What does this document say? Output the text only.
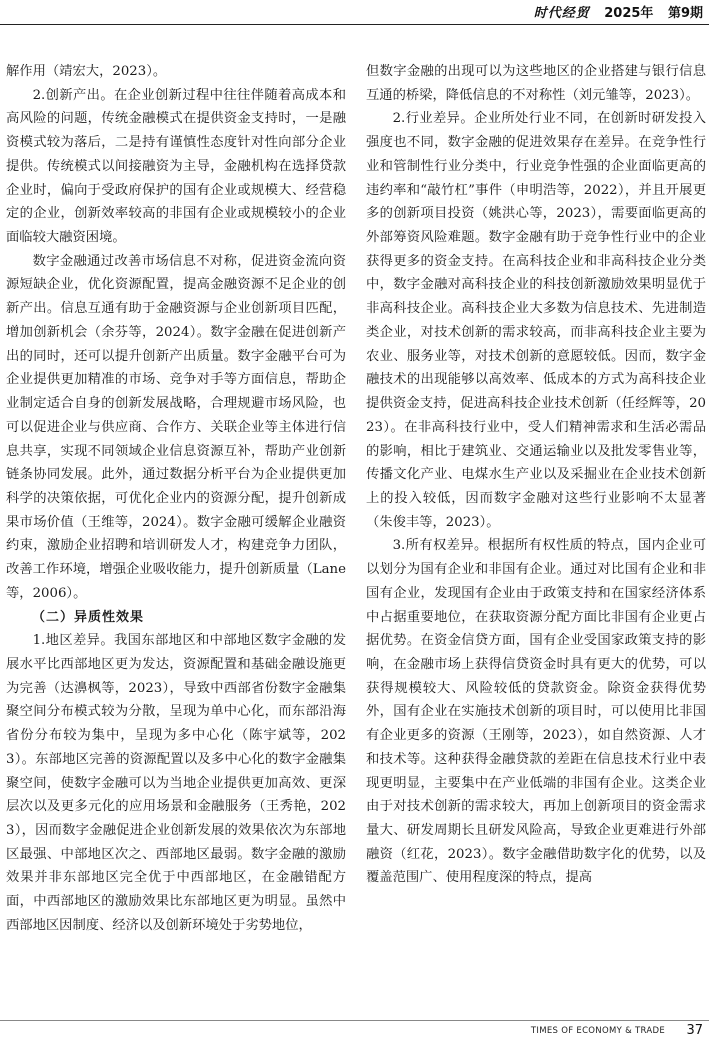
时代经贸 2025年 第9期

解作用（靖宏大，2023）。

2.创新产出。在企业创新过程中往往伴随着高成本和高风险的问题，传统金融模式在提供资金支持时，一是融资模式较为落后，二是持有谨慎性态度针对性向部分企业提供。传统模式以间接融资为主导，金融机构在选择贷款企业时，偏向于受政府保护的国有企业或规模大、经营稳定的企业，创新效率较高的非国有企业或规模较小的企业面临较大融资困境。

数字金融通过改善市场信息不对称，促进资金流向资源短缺企业，优化资源配置，提高金融资源不足企业的创新产出。信息互通有助于金融资源与企业创新项目匹配，增加创新机会（余芬等，2024）。数字金融在促进创新产出的同时，还可以提升创新产出质量。数字金融平台可为企业提供更加精准的市场、竞争对手等方面信息，帮助企业制定适合自身的创新发展战略，合理规避市场风险，也可以促进企业与供应商、合作方、关联企业等主体进行信息共享，实现不同领域企业信息资源互补，帮助产业创新链条协同发展。此外，通过数据分析平台为企业提供更加科学的决策依据，可优化企业内的资源分配，提升创新成果市场价值（王维等，2024）。数字金融可缓解企业融资约束，激励企业招聘和培训研发人才，构建竞争力团队，改善工作环境，增强企业吸收能力，提升创新质量（Lane等，2006）。

（二）异质性效果

1.地区差异。我国东部地区和中部地区数字金融的发展水平比西部地区更为发达，资源配置和基础金融设施更为完善（达濞枫等，2023），导致中西部省份数字金融集聚空间分布模式较为分散，呈现为单中心化，而东部沿海省份分布较为集中，呈现为多中心化（陈宇斌等，2023）。东部地区完善的资源配置以及多中心化的数字金融集聚空间，使数字金融可以为当地企业提供更加高效、更深层次以及更多元化的应用场景和金融服务（王秀艳，2023），因而数字金融促进企业创新发展的效果依次为东部地区最强、中部地区次之、西部地区最弱。数字金融的激励效果并非东部地区完全优于中西部地区，在金融错配方面，中西部地区的激励效果比东部地区更为明显。虽然中西部地区因制度、经济以及创新环境处于劣势地位，

但数字金融的出现可以为这些地区的企业搭建与银行信息互通的桥梁，降低信息的不对称性（刘元雏等，2023）。

2.行业差异。企业所处行业不同，在创新时研发投入强度也不同，数字金融的促进效果存在差异。在竞争性行业和管制性行业分类中，行业竞争性强的企业面临更高的违约率和“敲竹杠”事件（申明浩等，2022），并且开展更多的创新项目投资（姚洪心等，2023），需要面临更高的外部筹资风险难题。数字金融有助于竞争性行业中的企业获得更多的资金支持。在高科技企业和非高科技企业分类中，数字金融对高科技企业的科技创新激励效果明显优于非高科技企业。高科技企业大多数为信息技术、先进制造类企业，对技术创新的需求较高，而非高科技企业主要为农业、服务业等，对技术创新的意愿较低。因而，数字金融技术的出现能够以高效率、低成本的方式为高科技企业提供资金支持，促进高科技企业技术创新（任经辉等，2023）。在非高科技行业中，受人们精神需求和生活必需品的影响，相比于建筑业、交通运输业以及批发零售业等，传播文化产业、电煤水生产业以及采掘业在企业技术创新上的投入较低，因而数字金融对这些行业影响不太显著（朱俊丰等，2023）。

3.所有权差异。根据所有权性质的特点，国内企业可以划分为国有企业和非国有企业。通过对比国有企业和非国有企业，发现国有企业由于政策支持和在国家经济体系中占据重要地位，在获取资源分配方面比非国有企业更占据优势。在资金信贷方面，国有企业受国家政策支持的影响，在金融市场上获得信贷资金时具有更大的优势，可以获得规模较大、风险较低的贷款资金。除资金获得优势外，国有企业在实施技术创新的项目时，可以使用比非国有企业更多的资源（王刚等，2023），如自然资源、人才和技术等。这种获得金融贷款的差距在信息技术行业中表现更明显，主要集中在产业低端的非国有企业。这类企业由于对技术创新的需求较大，再加上创新项目的资金需求量大、研发周期长且研发风险高，导致企业更难进行外部融资（红花，2023）。数字金融借助数字化的优势，以及覆盖范围广、使用程度深的特点，提高

TIMES OF ECONOMY & TRADE 37
